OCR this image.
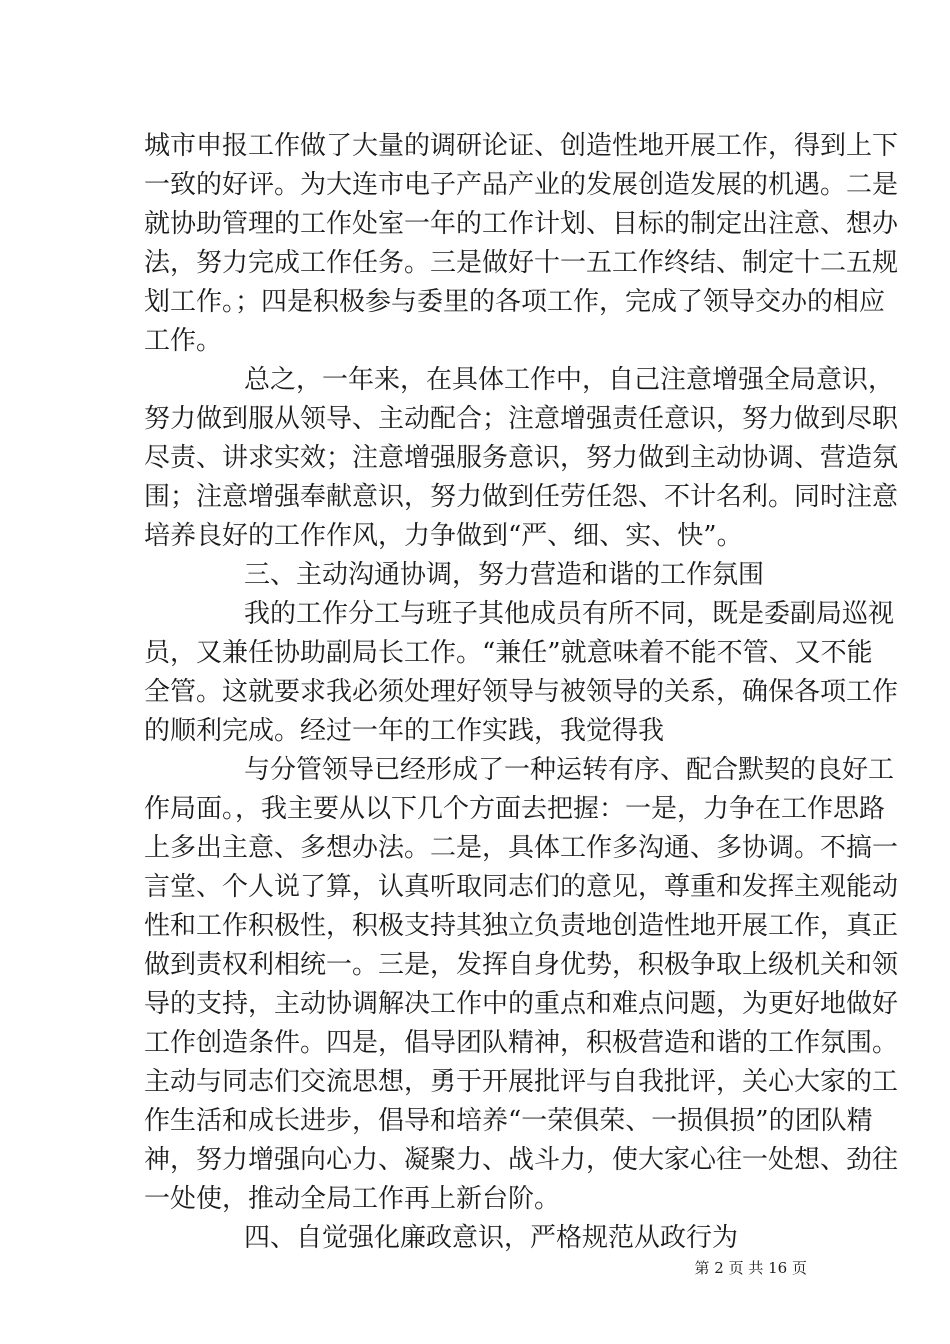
城市申报工作做了大量的调研论证、创造性地开展工作，得到上下
一致的好评。为大连市电子产品产业的发展创造发展的机遇。二是
就协助管理的工作处室一年的工作计划、目标的制定出注意、想办
法，努力完成工作任务。三是做好十一五工作终结、制定十二五规
划工作。；四是积极参与委里的各项工作，完成了领导交办的相应
工作。
总之，一年来，在具体工作中，自己注意增强全局意识，
努力做到服从领导、主动配合；注意增强责任意识，努力做到尽职
尽责、讲求实效；注意增强服务意识，努力做到主动协调、营造氛
围；注意增强奉献意识，努力做到任劳任怨、不计名利。同时注意
培养良好的工作作风，力争做到“严、细、实、快”。
三、主动沟通协调，努力营造和谐的工作氛围
我的工作分工与班子其他成员有所不同，既是委副局巡视
员，又兼任协助副局长工作。“兼任”就意味着不能不管、又不能
全管。这就要求我必须处理好领导与被领导的关系，确保各项工作
的顺利完成。经过一年的工作实践，我觉得我
与分管领导已经形成了一种运转有序、配合默契的良好工
作局面。，我主要从以下几个方面去把握：一是，力争在工作思路
上多出主意、多想办法。二是，具体工作多沟通、多协调。不搞一
言堂、个人说了算，认真听取同志们的意见，尊重和发挥主观能动
性和工作积极性，积极支持其独立负责地创造性地开展工作，真正
做到责权利相统一。三是，发挥自身优势，积极争取上级机关和领
导的支持，主动协调解决工作中的重点和难点问题，为更好地做好
工作创造条件。四是，倡导团队精神，积极营造和谐的工作氛围。
主动与同志们交流思想，勇于开展批评与自我批评，关心大家的工
作生活和成长进步，倡导和培养“一荣俱荣、一损俱损”的团队精
神，努力增强向心力、凝聚力、战斗力，使大家心往一处想、劲往
一处使，推动全局工作再上新台阶。
四、自觉强化廉政意识，严格规范从政行为
第 2 页 共 16 页
